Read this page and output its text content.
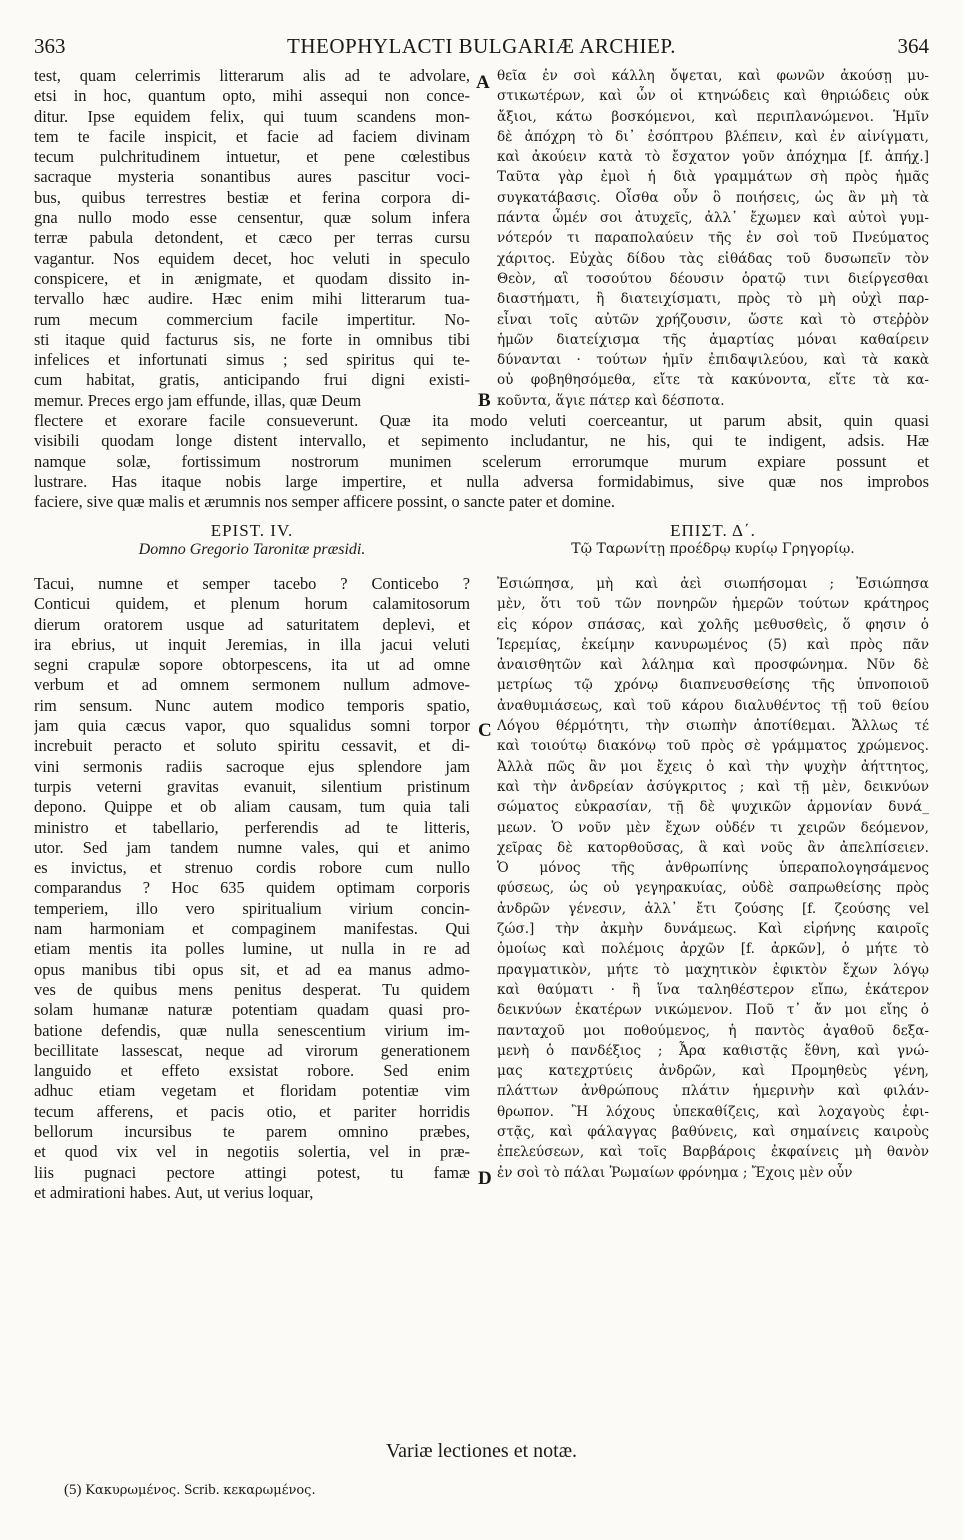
363	THEOPHYLACTI BULGARIÆ ARCHIEP.	364
test, quam celerrimis litterarum alis ad te advolare,
etsi in hoc, quantum opto, mihi assequi non conce-
ditur. Ipse equidem felix, qui tuum scandens mon-
tem te facile inspicit, et facie ad faciem divinam
tecum pulchritudinem intuetur, et pene cœlestibus
sacraque mysteria sonantibus aures pascitur voci-
bus, quibus terrestres bestiæ et ferina corpora di-
gna nullo modo esse censentur, quæ solum infera
terræ pabula detondent, et cæco per terras cursu
vagantur. Nos equidem decet, hoc veluti in speculo
conspicere, et in ænigmate, et quodam dissito in-
tervallo hæc audire. Hæc enim mihi litterarum tua-
rum mecum commercium facile impertitur. No-
sti itaque quid facturus sis, ne forte in omnibus tibi
infelices et infortunati simus ; sed spiritus qui te-
cum habitat, gratis, anticipando frui digni existi-
memur. Preces ergo jam effunde, illas, quæ Deum
A θεῖα ἐν σοὶ κάλλη ὄψεται, καὶ φωνῶν ἀκούσῃ μυ-
στικωτέρων, καὶ ὧν οἱ κτηνώδεις καὶ θηριώδεις οὐκ
ἄξιοι, κάτω βοσκόμενοι, καὶ περιπλανώμενοι. Ἡμῖν
δὲ ἀπόχρη τὸ δι᾽ ἐσόπτρου βλέπειν, καὶ ἐν αἰνίγματι,
καὶ ἀκούειν κατὰ τὸ ἔσχατον γοῦν ἀπόχημα [f. ἀπήχ.]
Ταῦτα γὰρ ἐμοὶ ἡ διὰ γραμμάτων σὴ πρὸς ἡμᾶς
συγκατάβασις. Οἶσθα οὖν ὃ ποιήσεις, ὡς ἂν μὴ τὰ
πάντα ὦμέν σοι ἀτυχεῖς, ἀλλ᾽ ἔχωμεν καὶ αὐτοὶ γυμ-
νότερόν τι παραπολαύειν τῆς ἐν σοὶ τοῦ Πνεύματος
χάριτος. Εὐχὰς δίδου τὰς εἰθάδας τοῦ δυσωπεῖν τὸν
Θεὸν, αἳ τοσούτου δέουσιν ὁρατῷ τινι διείργεσθαι
διαστήματι, ἢ διατειχίσματι, πρὸς τὸ μὴ οὐχὶ παρ-
εἶναι τοῖς αὐτῶν χρήζουσιν, ὥστε καὶ τὸ στεῤῥὸν
ἡμῶν διατείχισμα τῆς ἁμαρτίας μόναι καθαίρειν
δύνανται · τούτων ἡμῖν ἐπιδαψιλεύου, καὶ τὰ κακὰ
οὐ φοβηθησόμεθα, εἴτε τὰ κακύνοντα, εἴτε τὰ κα-
κοῦντα, ἅγιε πάτερ καὶ δέσποτα.
B
flectere et exorare facile consueverunt. Quæ ita modo veluti coerceantur, ut parum absit, quin quasi
visibili quodam longe distent intervallo, et sepimento includantur, ne his, qui te indigent, adsis. Hæ
namque solæ, fortissimum nostrorum munimen scelerum errorumque murum expiare possunt et
lustrare. Has itaque nobis large impertire, et nulla adversa formidabimus, sive quæ nos improbos
faciere, sive quæ malis et ærumnis nos semper afficere possint, o sancte pater et domine.
EPIST. IV.
Domno Gregorio Taronitæ præsidi.
ΕΠΙΣΤ. Δ΄.
Τῷ Ταρωνίτῃ προέδρῳ κυρίῳ Γρηγορίῳ.
Tacui, numne et semper tacebo ? Conticebo ?
Conticui quidem, et plenum horum calamitosorum
dierum oratorem usque ad saturitatem deplevi, et
ira ebrius, ut inquit Jeremias, in illa jacui veluti
segni crapulæ sopore obtorpescens, ita ut ad omne
verbum et ad omnem sermonem nullum admove-
rim sensum. Nunc autem modico temporis spatio,
jam quia cæcus vapor, quo squalidus somni torpor
increbuit peracto et soluto spiritu cessavit, et di-
vini sermonis radiis sacroque ejus splendore jam
turpis veterni gravitas evanuit, silentium pristinum
depono. Quippe et ob aliam causam, tum quia tali
ministro et tabellario, perferendis ad te litteris,
utor. Sed jam tandem numne vales, qui et animo
es invictus, et strenuo cordis robore cum nullo
comparandus ? Hoc 635 quidem optimam corporis
temperiem, illo vero spiritualium virium concin-
nam harmoniam et compaginem manifestas. Qui
etiam mentis ita polles lumine, ut nulla in re ad
opus manibus tibi opus sit, et ad ea manus admo-
ves de quibus mens penitus desperat. Tu quidem
solam humanæ naturæ potentiam quadam quasi pro-
batione defendis, quæ nulla senescentium virium im-
becillitate lassescat, neque ad virorum generationem
languido et effeto exsistat robore. Sed enim
adhuc etiam vegetam et floridam potentiæ vim
tecum afferens, et pacis otio, et pariter horridis
bellorum incursibus te parem omnino præbes,
et quod vix vel in negotiis solertia, vel in præ-
liis pugnaci pectore attingi potest, tu famæ
et admirationi habes. Aut, ut verius loquar,
C
Ἐσιώπησα, μὴ καὶ ἀεὶ σιωπήσομαι ; Ἐσιώπησα
μὲν, ὅτι τοῦ τῶν πονηρῶν ἡμερῶν τούτων κράτηρος
εἰς κόρον σπάσας, καὶ χολῆς μεθυσθεὶς, ὅ φησιν ὁ
Ἱερεμίας, ἐκείμην κανυρωμένος (5) καὶ πρὸς πᾶν
ἀναισθητῶν καὶ λάλημα καὶ προσφώνημα. Νῦν δὲ
μετρίως τῷ χρόνῳ διαπνευσθείσης τῆς ὑπνοποιοῦ
ἀναθυμιάσεως, καὶ τοῦ κάρου διαλυθέντος τῇ τοῦ θείου
Λόγου θέρμότητι, τὴν σιωπὴν ἀποτίθεμαι. Ἄλλως τέ
καὶ τοιούτῳ διακόνῳ τοῦ πρὸς σὲ γράμματος χρώμενος.
Ἀλλὰ πῶς ἂν μοι ἔχεις ὁ καὶ τὴν ψυχὴν ἀήττητος,
καὶ τὴν ἀνδρείαν ἀσύγκριτος ; καὶ τῇ μὲν, δεικνύων
σώματος εὐκρασίαν, τῇ δὲ ψυχικῶν ἁρμονίαν δυνά_
μεων. Ὁ νοῦν μὲν ἔχων οὐδέν τι χειρῶν δεόμενον,
χεῖρας δὲ κατορθοῦσας, ἃ καὶ νοῦς ἂν ἀπελπίσειεν.
Ὁ μόνος τῆς ἀνθρωπίνης ὑπεραπολογησάμενος
φύσεως, ὡς οὐ γεγηρακυίας, οὐδὲ σαπρωθείσης πρὸς
ἀνδρῶν γένεσιν, ἀλλ᾽ ἔτι ζούσης [f. ζεούσης vel
ζώσ.] τὴν ἀκμὴν δυνάμεως. Καὶ εἰρήνης καιροῖς
ὁμοίως καὶ πολέμοις ἀρχῶν [f. ἀρκῶν], ὁ μήτε τὸ
πραγματικὸν, μήτε τὸ μαχητικὸν ἐφικτὸν ἔχων λόγῳ
καὶ θαύματι · ἢ ἵνα ταληθέστερον εἴπω, ἑκάτερον
δεικνύων ἑκατέρων νικώμενον. Ποῦ τ᾽ ἄν μοι εἴης ὁ
πανταχοῦ μοι ποθούμενος, ἡ παντὸς ἀγαθοῦ δεξα-
μενὴ ὁ πανδέξιος ; Ἆρα καθιστᾷς ἔθνη, καὶ γνώ-
μας κατεχρτύεις ἀνδρῶν, καὶ Προμηθεὺς γένη,
πλάττων ἀνθρώπους πλάτιν ἡμερινὴν καὶ φιλάν-
θρωπον. Ἢ λόχους ὑπεκαθίζεις, καὶ λοχαγοὺς ἐφι-
στᾷς, καὶ φάλαγγας βαθύνεις, καὶ σημαίνεις καιροὺς
ἐπελεύσεων, καὶ τοῖς Βαρβάροις ἐκφαίνεις μὴ θανὸν
ἐν σοὶ τὸ πάλαι Ῥωμαίων φρόνημα ; Ἔχοις μὲν οὖν
D
Variæ lectiones et notæ.
(5) Κακυρωμένος. Scrib. κεκαρωμένος.
